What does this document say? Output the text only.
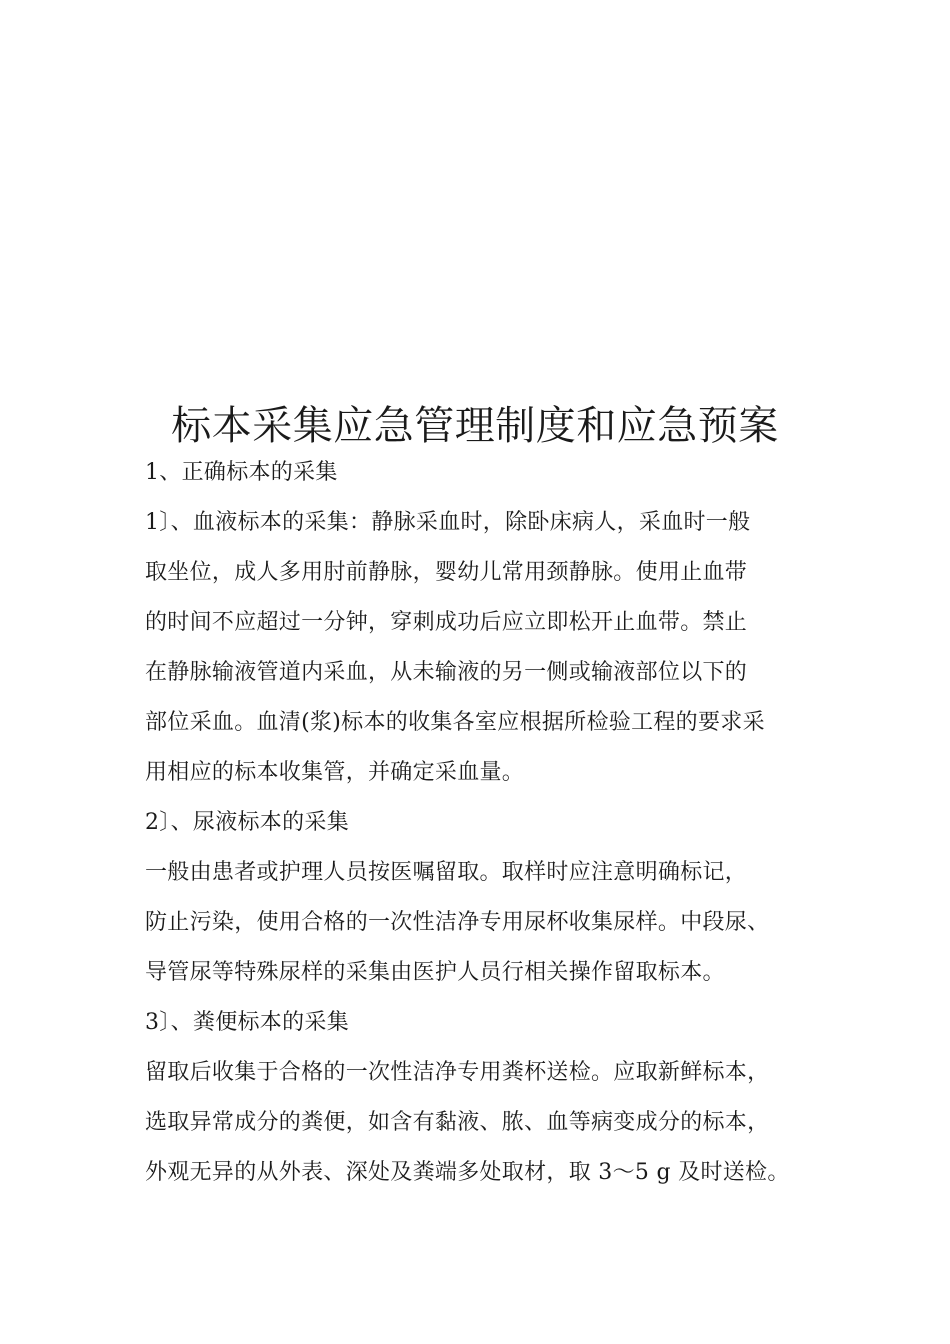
标本采集应急管理制度和应急预案
1、正确标本的采集
1〕、血液标本的采集：静脉采血时，除卧床病人，采血时一般
取坐位，成人多用肘前静脉，婴幼儿常用颈静脉。使用止血带
的时间不应超过一分钟，穿刺成功后应立即松开止血带。禁止
在静脉输液管道内采血，从未输液的另一侧或输液部位以下的
部位采血。血清(浆)标本的收集各室应根据所检验工程的要求采
用相应的标本收集管，并确定采血量。
2〕、尿液标本的采集
一般由患者或护理人员按医嘱留取。取样时应注意明确标记，
防止污染，使用合格的一次性洁净专用尿杯收集尿样。中段尿、
导管尿等特殊尿样的采集由医护人员行相关操作留取标本。
3〕、粪便标本的采集
留取后收集于合格的一次性洁净专用粪杯送检。应取新鲜标本，
选取异常成分的粪便，如含有黏液、脓、血等病变成分的标本，
外观无异的从外表、深处及粪端多处取材，取 3～5 g 及时送检。
